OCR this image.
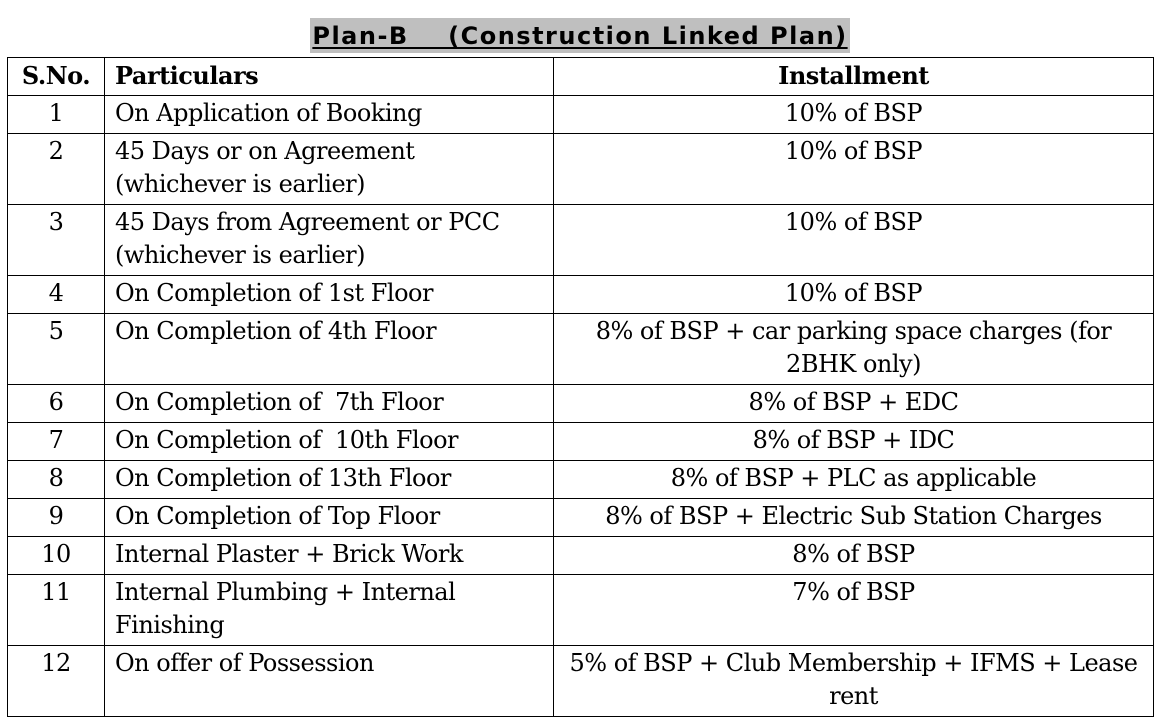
Plan-B    (Construction Linked Plan)
S.No.	Particulars	Installment
1	On Application of Booking	10% of BSP
2	45 Days or on Agreement (whichever is earlier)	10% of BSP
3	45 Days from Agreement or PCC (whichever is earlier)	10% of BSP
4	On Completion of 1st Floor	10% of BSP
5	On Completion of 4th Floor	8% of BSP + car parking space charges (for 2BHK only)
6	On Completion of  7th Floor	8% of BSP + EDC
7	On Completion of  10th Floor	8% of BSP + IDC
8	On Completion of 13th Floor	8% of BSP + PLC as applicable
9	On Completion of Top Floor	8% of BSP + Electric Sub Station Charges
10	Internal Plaster + Brick Work	8% of BSP
11	Internal Plumbing + Internal Finishing	7% of BSP
12	On offer of Possession	5% of BSP + Club Membership + IFMS + Lease rent
